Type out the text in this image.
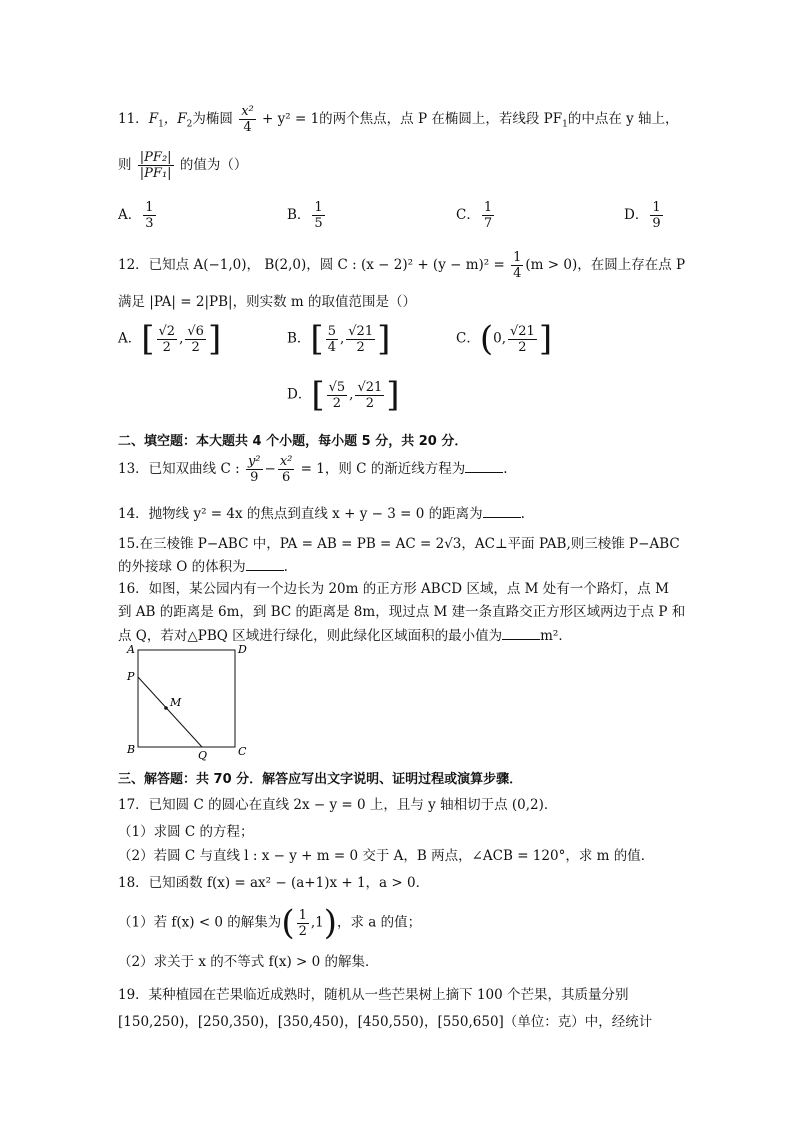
11．$F_1$，$F_2$为椭圆 $\frac{\text{x²}}{4} + y^2 = 1$的两个焦点，点 P 在椭圆上，若线段 $PF_1$的中点在 y 轴上，
则 $\frac{\text{|PF₂|}}{\text{|PF₁|}}$ 的值为（）
A． $\frac{1}{3}$	B． $\frac{1}{5}$	C． $\frac{1}{7}$	D． $\frac{1}{9}$
12．已知点 A(−1,0)， B(2,0)，圆 C : $(x - 2)^2 + (y - m)^2 = \frac{1}{4} (m > 0)$，在圆上存在点 P
满足 |PA| = 2|PB|，则实数 m 的取值范围是（）
A．[ $\frac{√2}{2}$ , $\frac{√6}{2}$ ]	B．[ $\frac{5}{4}$ , $\frac{√21}{2}$ ]	C．(0, $\frac{√21}{2}$ ]
D．[ $\frac{√5}{2}$ , $\frac{√21}{2}$ ]
二、填空题：本大题共 4 个小题，每小题 5 分，共 20 分．
13．已知双曲线 C : $\frac{\text{y²}}{9} - \frac{\text{x²}}{6} = 1$，则 C 的渐近线方程为	.
14．抛物线 y² = 4x 的焦点到直线 x + y − 3 = 0 的距离为	.
15.在三棱锥 P−ABC 中，PA = AB = PB = AC = 2√3，AC⊥平面 PAB,则三棱锥 P−ABC
的外接球 O 的体积为	.
16．如图，某公园内有一个边长为 20m 的正方形 ABCD 区域，点 M 处有一个路灯，点 M
到 AB 的距离是 6m，到 BC 的距离是 8m，现过点 M 建一条直路交正方形区域两边于点 P 和
点 Q，若对△PBQ 区域进行绿化，则此绿化区域面积的最小值为	m²．
A	D
P
M
B	Q	C
三、解答题：共 70 分．解答应写出文字说明、证明过程或演算步骤．
17．已知圆 C 的圆心在直线 2x − y = 0 上，且与 y 轴相切于点 (0,2)．
（1）求圆 C 的方程；
（2）若圆 C 与直线 l : x − y + m = 0 交于 A，B 两点，∠ACB = 120°，求 m 的值．
18．已知函数 f(x) = ax² − (a+1)x + 1，a > 0．
（1）若 f(x) < 0 的解集为( $\frac{1}{2} ,1$)，求 a 的值；
（2）求关于 x 的不等式 f(x) > 0 的解集．
19．某种植园在芒果临近成熟时，随机从一些芒果树上摘下 100 个芒果，其质量分别
[150,250)，[250,350)，[350,450)，[450,550)，[550,650]（单位：克）中，经统计
